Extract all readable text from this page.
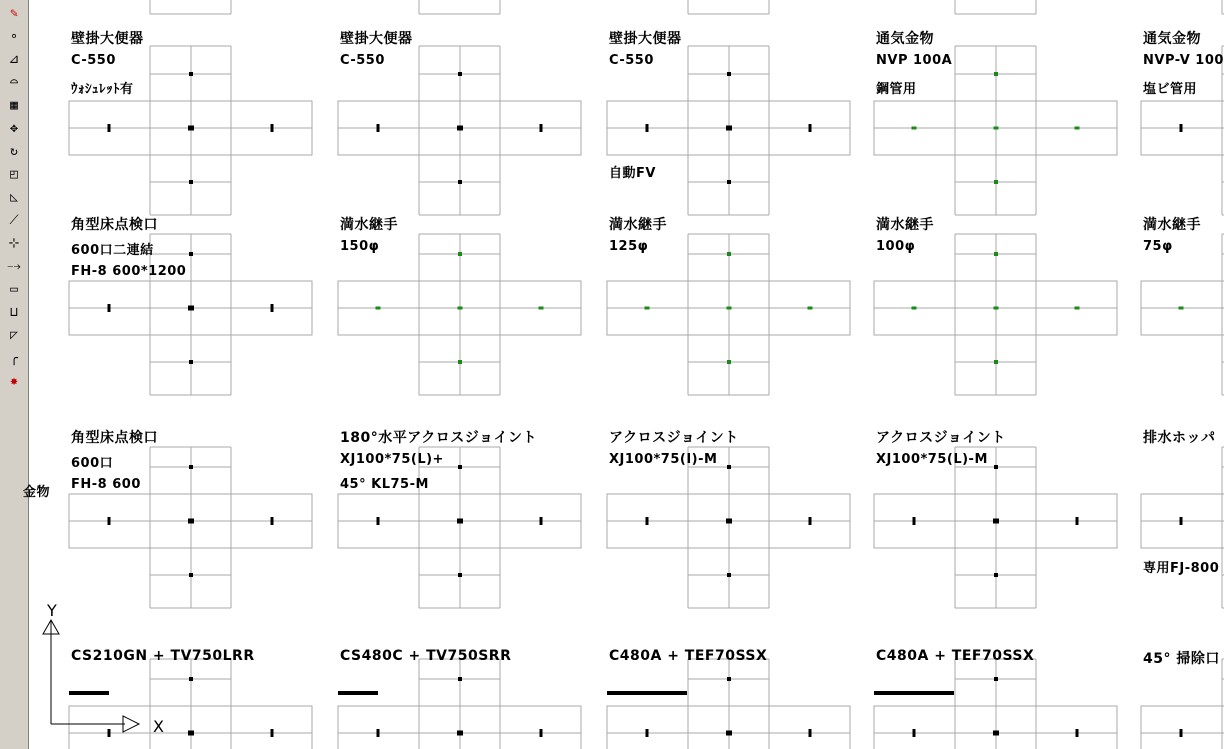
✎
∘
⊿
⌓
▦
✥
↻
◰
◺
⟋
⊹
⤍
▭
⊔
◸
╭
✸
壁掛大便器
C-550
ｳｫｼｭﾚｯﾄ有
壁掛大便器
C-550
壁掛大便器
C-550
自動FV
通気金物
NVP 100A
鋼管用
通気金物
NVP-V 100
塩ビ管用
角型床点検口
600口二連結
FH-8 600*1200
満水継手
150φ
満水継手
125φ
満水継手
100φ
満水継手
75φ
角型床点検口
600口
FH-8 600
金物
180°水平アクロスジョイント
XJ100*75(L)+
45° KL75-M
アクロスジョイント
XJ100*75(I)-M
アクロスジョイント
XJ100*75(L)-M
排水ホッパ
専用FJ-800
CS210GN + TV750LRR	CS480C + TV750SRR	C480A + TEF70SSX	C480A + TEF70SSX	45° 掃除口
Y
X
